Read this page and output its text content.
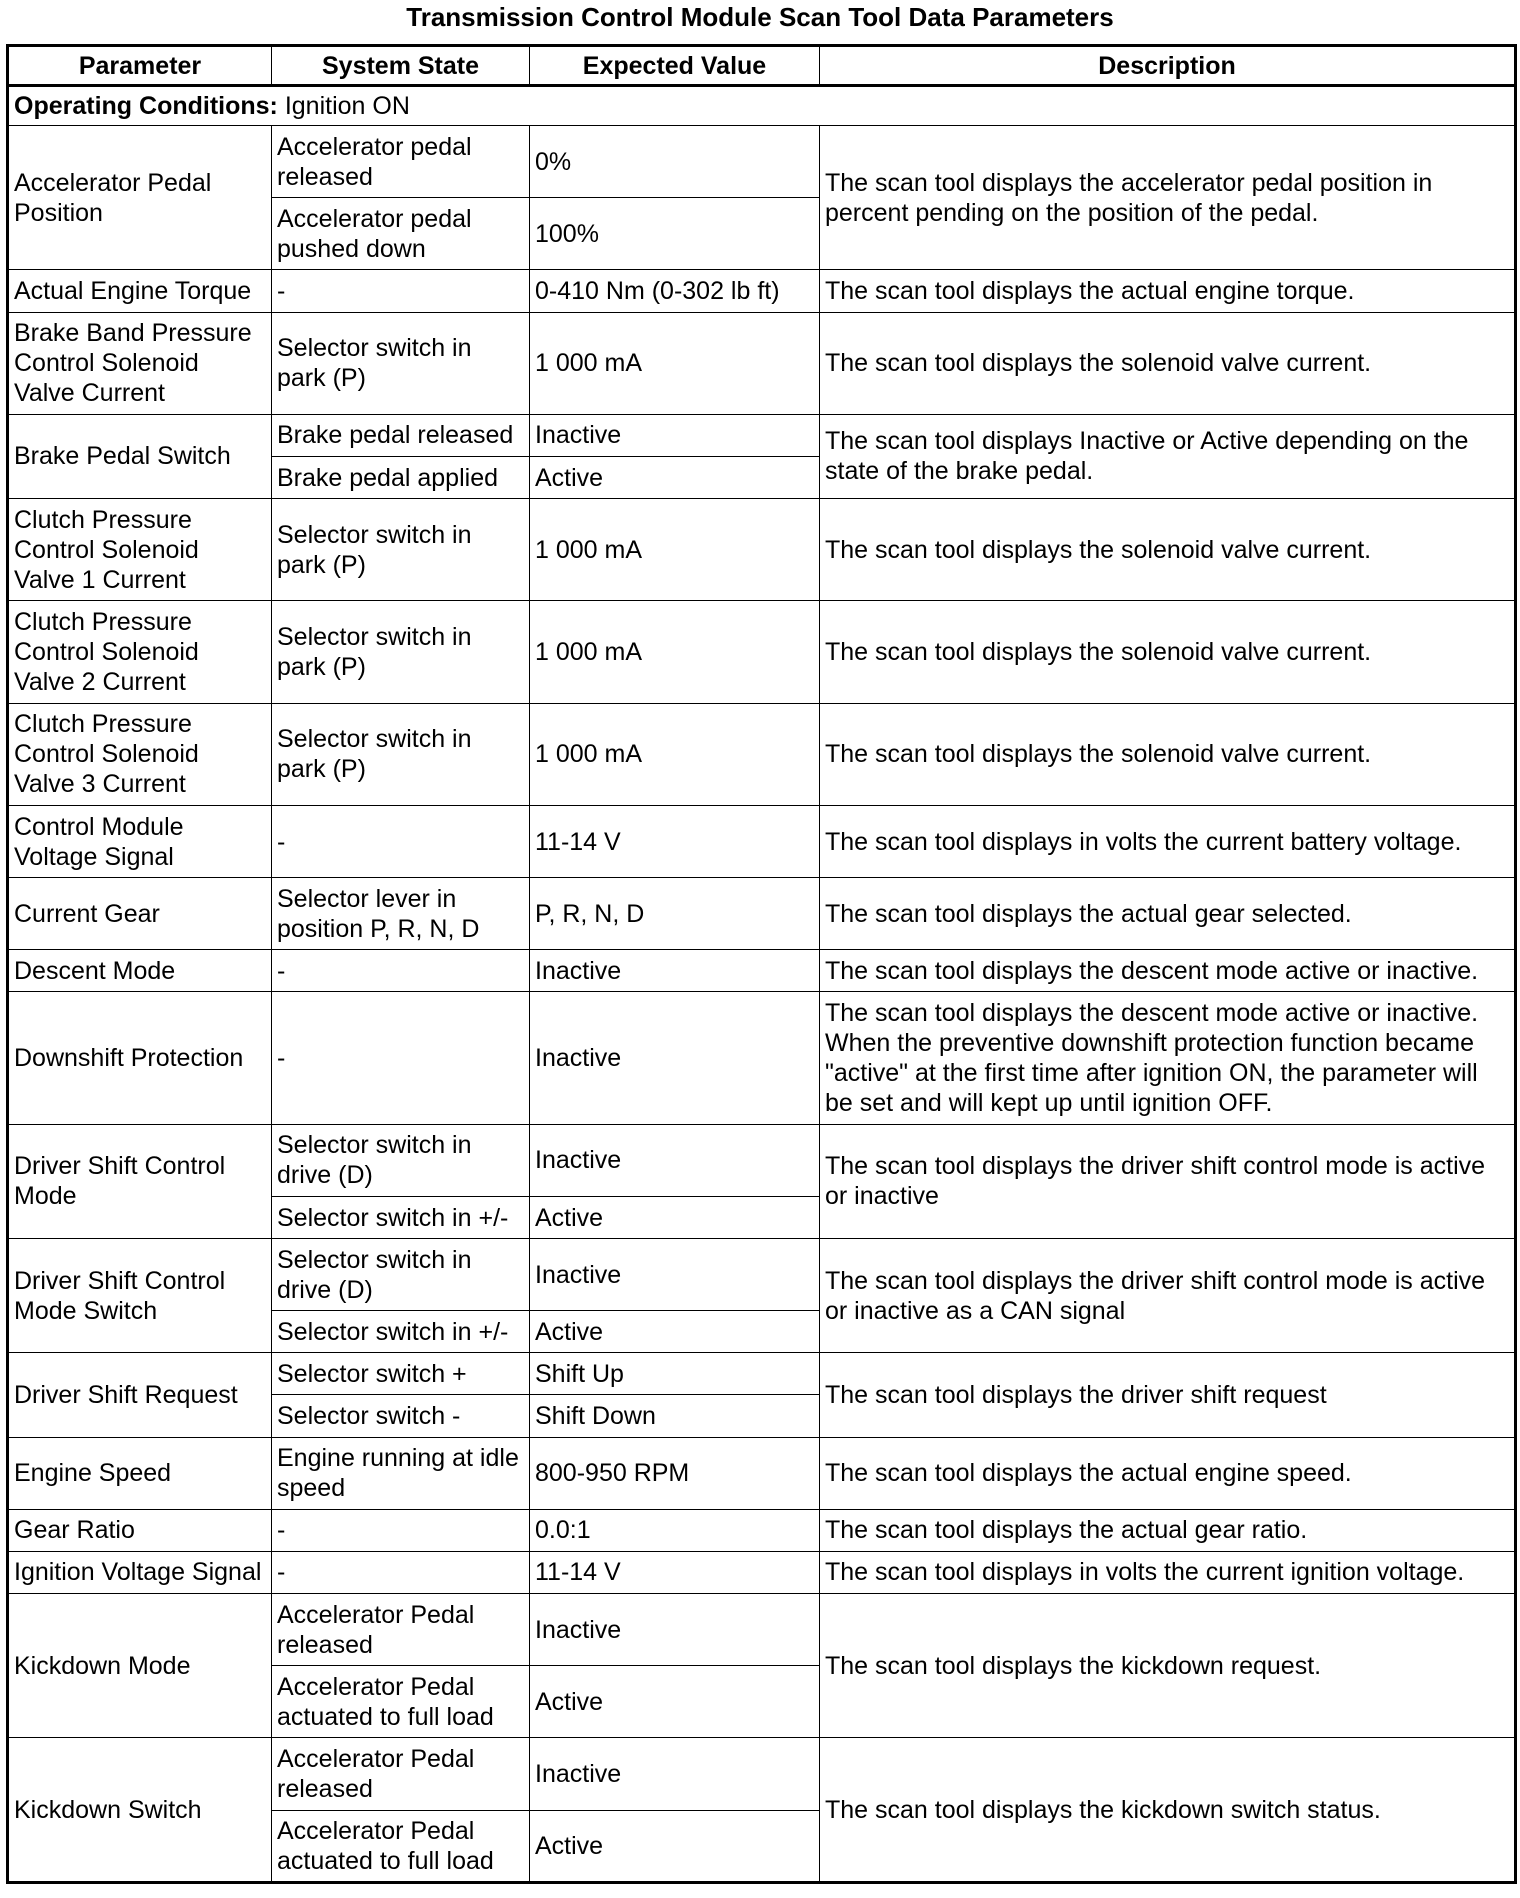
Transmission Control Module Scan Tool Data Parameters
Parameter	System State	Expected Value	Description
Operating Conditions: Ignition ON			
Accelerator Pedal Position	Accelerator pedal released	0%	The scan tool displays the accelerator pedal position in percent pending on the position of the pedal.
	Accelerator pedal pushed down	100%	
Actual Engine Torque	-	0-410 Nm (0-302 lb ft)	The scan tool displays the actual engine torque.
Brake Band Pressure Control Solenoid Valve Current	Selector switch in park (P)	1 000 mA	The scan tool displays the solenoid valve current.
Brake Pedal Switch	Brake pedal released	Inactive	The scan tool displays Inactive or Active depending on the state of the brake pedal.
	Brake pedal applied	Active	
Clutch Pressure Control Solenoid Valve 1 Current	Selector switch in park (P)	1 000 mA	The scan tool displays the solenoid valve current.
Clutch Pressure Control Solenoid Valve 2 Current	Selector switch in park (P)	1 000 mA	The scan tool displays the solenoid valve current.
Clutch Pressure Control Solenoid Valve 3 Current	Selector switch in park (P)	1 000 mA	The scan tool displays the solenoid valve current.
Control Module Voltage Signal	-	11-14 V	The scan tool displays in volts the current battery voltage.
Current Gear	Selector lever in position P, R, N, D	P, R, N, D	The scan tool displays the actual gear selected.
Descent Mode	-	Inactive	The scan tool displays the descent mode active or inactive.
Downshift Protection	-	Inactive	The scan tool displays the descent mode active or inactive. When the preventive downshift protection function became "active" at the first time after ignition ON, the parameter will be set and will kept up until ignition OFF.
Driver Shift Control Mode	Selector switch in drive (D)	Inactive	The scan tool displays the driver shift control mode is active or inactive
	Selector switch in +/-	Active	
Driver Shift Control Mode Switch	Selector switch in drive (D)	Inactive	The scan tool displays the driver shift control mode is active or inactive as a CAN signal
	Selector switch in +/-	Active	
Driver Shift Request	Selector switch +	Shift Up	The scan tool displays the driver shift request
	Selector switch -	Shift Down	
Engine Speed	Engine running at idle speed	800-950 RPM	The scan tool displays the actual engine speed.
Gear Ratio	-	0.0:1	The scan tool displays the actual gear ratio.
Ignition Voltage Signal	-	11-14 V	The scan tool displays in volts the current ignition voltage.
Kickdown Mode	Accelerator Pedal released	Inactive	The scan tool displays the kickdown request.
	Accelerator Pedal actuated to full load	Active	
Kickdown Switch	Accelerator Pedal released	Inactive	The scan tool displays the kickdown switch status.
	Accelerator Pedal actuated to full load	Active	
